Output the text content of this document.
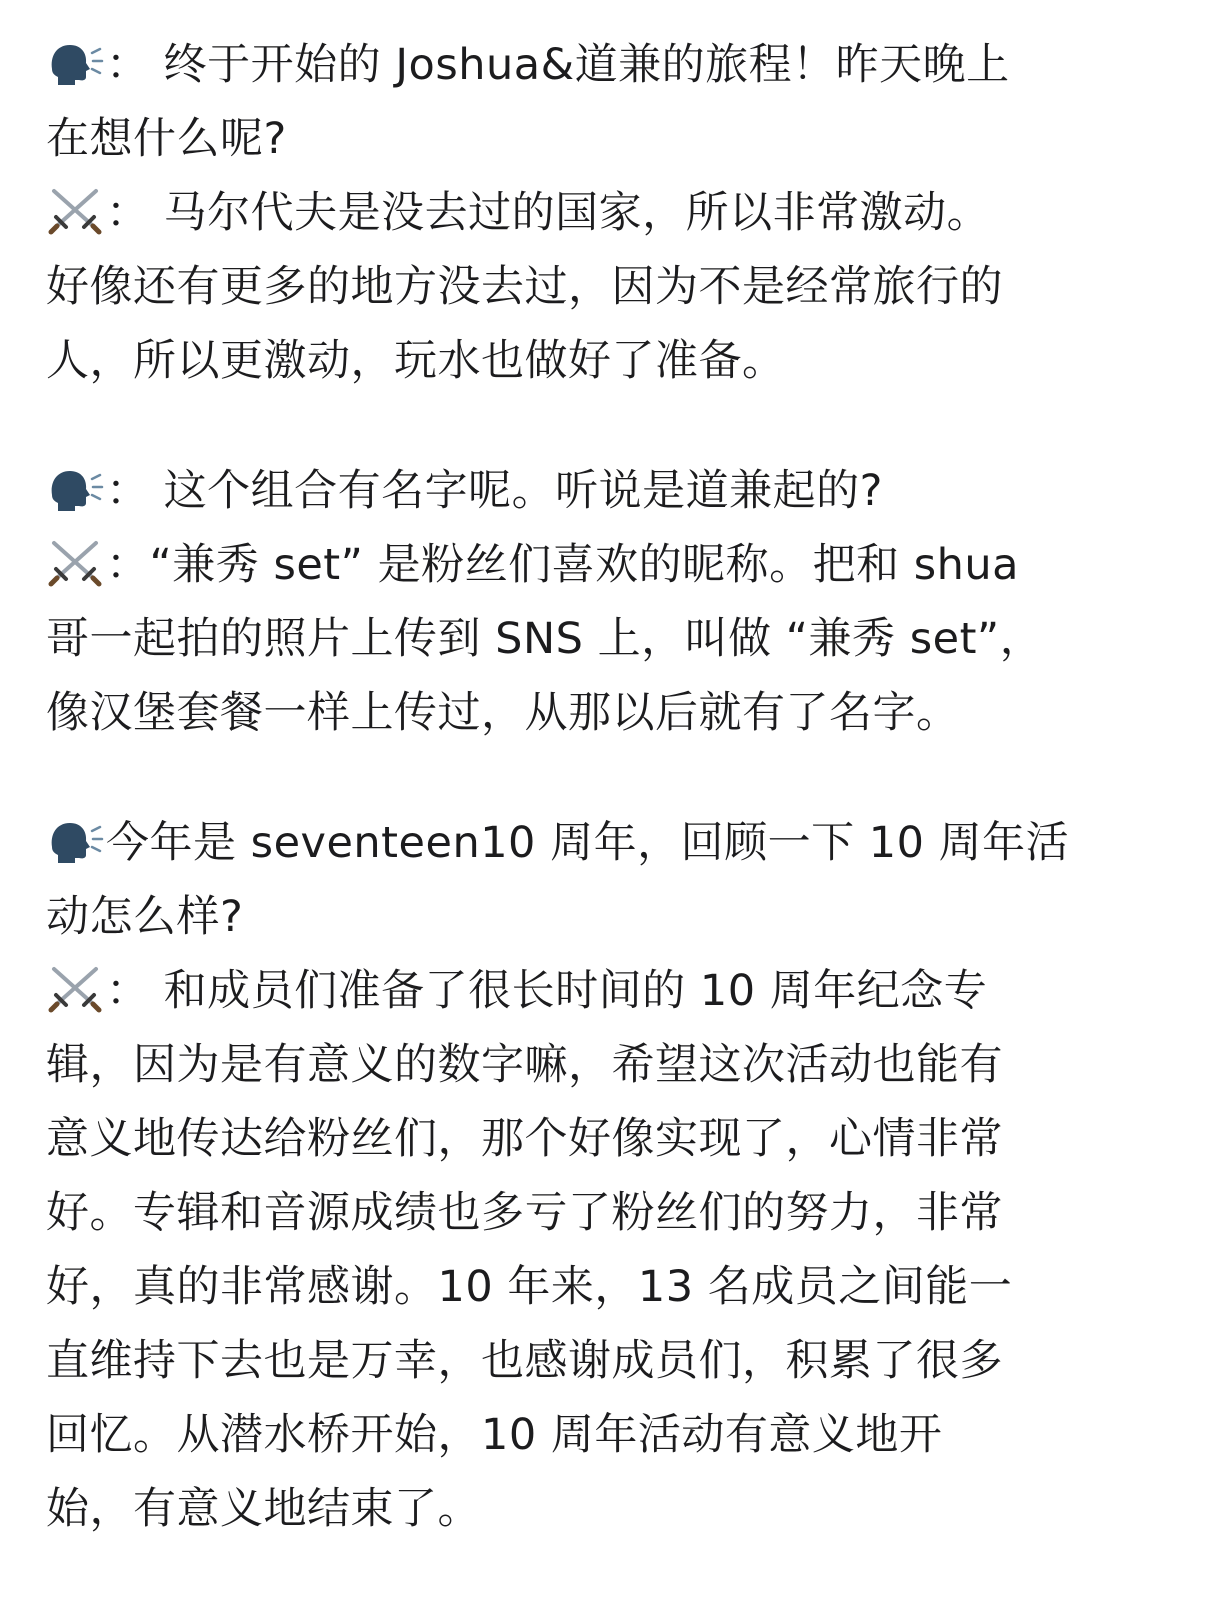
： 终于开始的 Joshua&道兼的旅程！昨天晚上
在想什么呢?
： 马尔代夫是没去过的国家，所以非常激动。
好像还有更多的地方没去过，因为不是经常旅行的
人，所以更激动，玩水也做好了准备。
： 这个组合有名字呢。听说是道兼起的?
：“兼秀 set” 是粉丝们喜欢的昵称。把和 shua
哥一起拍的照片上传到 SNS 上，叫做 “兼秀 set”，
像汉堡套餐一样上传过，从那以后就有了名字。
今年是 seventeen10 周年，回顾一下 10 周年活
动怎么样?
： 和成员们准备了很长时间的 10 周年纪念专
辑，因为是有意义的数字嘛，希望这次活动也能有
意义地传达给粉丝们，那个好像实现了，心情非常
好。专辑和音源成绩也多亏了粉丝们的努力，非常
好，真的非常感谢。10 年来，13 名成员之间能一
直维持下去也是万幸，也感谢成员们，积累了很多
回忆。从潜水桥开始，10 周年活动有意义地开
始，有意义地结束了。
